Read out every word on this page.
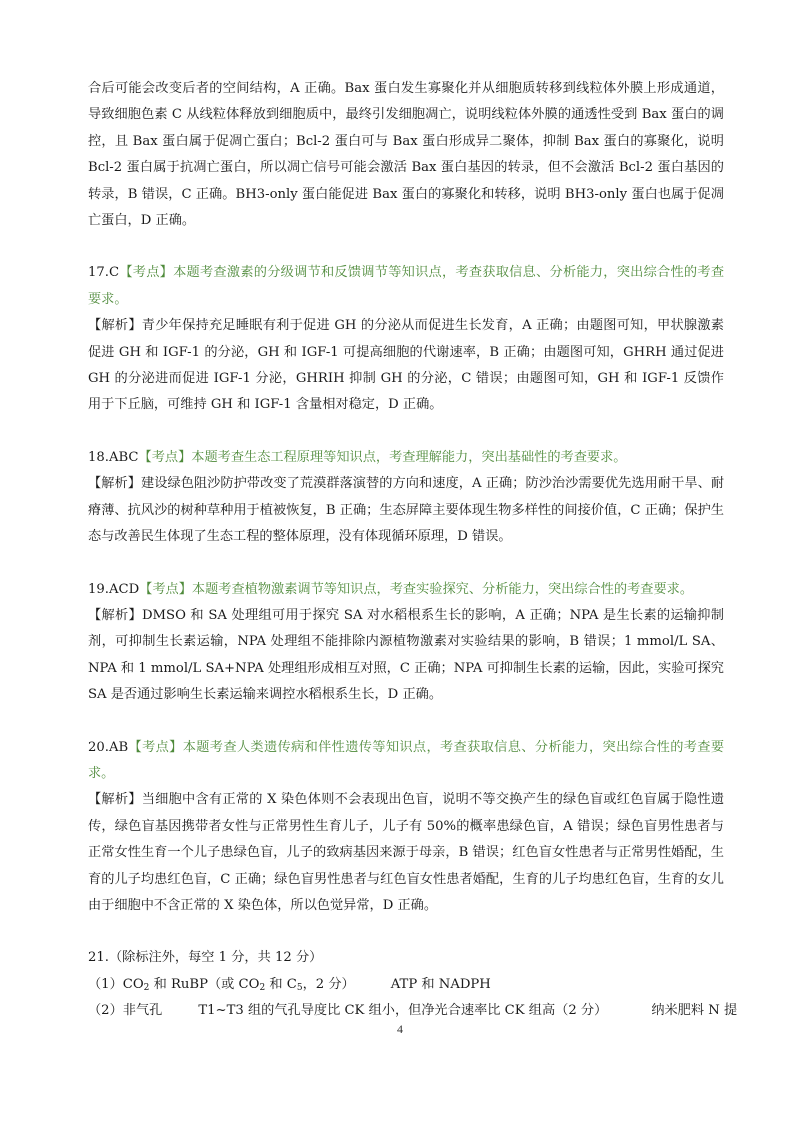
合后可能会改变后者的空间结构，A 正确。Bax 蛋白发生寡聚化并从细胞质转移到线粒体外膜上形成通道，导致细胞色素 C 从线粒体释放到细胞质中，最终引发细胞凋亡，说明线粒体外膜的通透性受到 Bax 蛋白的调控，且 Bax 蛋白属于促凋亡蛋白；Bcl-2 蛋白可与 Bax 蛋白形成异二聚体，抑制 Bax 蛋白的寡聚化，说明 Bcl-2 蛋白属于抗凋亡蛋白，所以凋亡信号可能会激活 Bax 蛋白基因的转录，但不会激活 Bcl-2 蛋白基因的转录，B 错误，C 正确。BH3-only 蛋白能促进 Bax 蛋白的寡聚化和转移，说明 BH3-only 蛋白也属于促凋亡蛋白，D 正确。

17.C【考点】本题考查激素的分级调节和反馈调节等知识点，考查获取信息、分析能力，突出综合性的考查要求。

【解析】青少年保持充足睡眠有利于促进 GH 的分泌从而促进生长发育，A 正确；由题图可知，甲状腺激素促进 GH 和 IGF-1 的分泌，GH 和 IGF-1 可提高细胞的代谢速率，B 正确；由题图可知，GHRH 通过促进 GH 的分泌进而促进 IGF-1 分泌，GHRIH 抑制 GH 的分泌，C 错误；由题图可知，GH 和 IGF-1 反馈作用于下丘脑，可维持 GH 和 IGF-1 含量相对稳定，D 正确。

18.ABC【考点】本题考查生态工程原理等知识点，考查理解能力，突出基础性的考查要求。

【解析】建设绿色阻沙防护带改变了荒漠群落演替的方向和速度，A 正确；防沙治沙需要优先选用耐干旱、耐瘠薄、抗风沙的树种草种用于植被恢复，B 正确；生态屏障主要体现生物多样性的间接价值，C 正确；保护生态与改善民生体现了生态工程的整体原理，没有体现循环原理，D 错误。

19.ACD【考点】本题考查植物激素调节等知识点，考查实验探究、分析能力，突出综合性的考查要求。

【解析】DMSO 和 SA 处理组可用于探究 SA 对水稻根系生长的影响，A 正确；NPA 是生长素的运输抑制剂，可抑制生长素运输，NPA 处理组不能排除内源植物激素对实验结果的影响，B 错误；1 mmol/L SA、NPA 和 1 mmol/L SA+NPA 处理组形成相互对照，C 正确；NPA 可抑制生长素的运输，因此，实验可探究 SA 是否通过影响生长素运输来调控水稻根系生长，D 正确。

20.AB【考点】本题考查人类遗传病和伴性遗传等知识点，考查获取信息、分析能力，突出综合性的考查要求。

【解析】当细胞中含有正常的 X 染色体则不会表现出色盲，说明不等交换产生的绿色盲或红色盲属于隐性遗传，绿色盲基因携带者女性与正常男性生育儿子，儿子有 50%的概率患绿色盲，A 错误；绿色盲男性患者与正常女性生育一个儿子患绿色盲，儿子的致病基因来源于母亲，B 错误；红色盲女性患者与正常男性婚配，生育的儿子均患红色盲，C 正确；绿色盲男性患者与红色盲女性患者婚配，生育的儿子均患红色盲，生育的女儿由于细胞中不含正常的 X 染色体，所以色觉异常，D 正确。

21.（除标注外，每空 1 分，共 12 分）

$(1)CO_2$ 和 RuBP（或 $CO_2$ 和 $C_5$，2 分）	ATP 和 NADPH

（2）非气孔	T1~T3 组的气孔导度比 CK 组小，但净光合速率比 CK 组高（2 分）	纳米肥料 N 提

4
